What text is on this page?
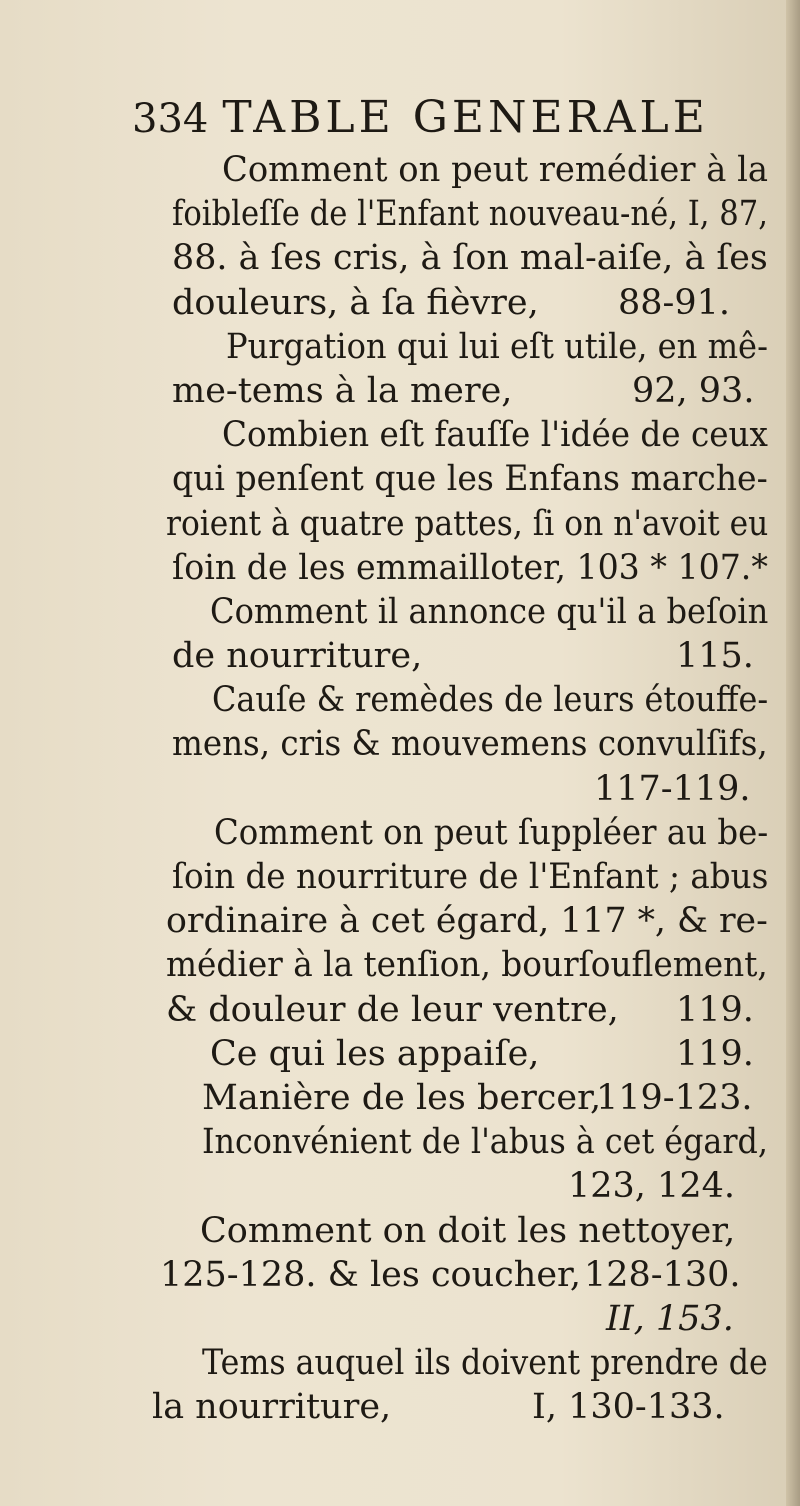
334 TABLE GENERALE
Comment on peut remédier à la
foibleſſe de l'Enfant nouveau-né, I, 87,
88. à ſes cris, à ſon mal-aiſe, à ſes
douleurs, à ſa fièvre, 88-91.
Purgation qui lui eſt utile, en mê-
me-tems à la mere,	92, 93.
Combien eſt fauſſe l'idée de ceux
qui penſent que les Enfans marche-
roient à quatre pattes, ſi on n'avoit eu
ſoin de les emmailloter, 103 * 107.*
Comment il annonce qu'il a beſoin
de nourriture,	115.
Cauſe & remèdes de leurs étouffe-
mens, cris & mouvemens convulſifs,
117-119.
Comment on peut ſuppléer au be-
ſoin de nourriture de l'Enfant ; abus
ordinaire à cet égard, 117 *, & re-
médier à la tenſion, bourſouflement,
& douleur de leur ventre, 119.
Ce qui les appaiſe,	119.
Manière de les bercer,
119-123.
Inconvénient de l'abus à cet égard,
123, 124.
Comment on doit les nettoyer,
125-128. & les coucher, 128-130.
II, 153.
Tems auquel ils doivent prendre de
la nourriture,	I, 130-133.
